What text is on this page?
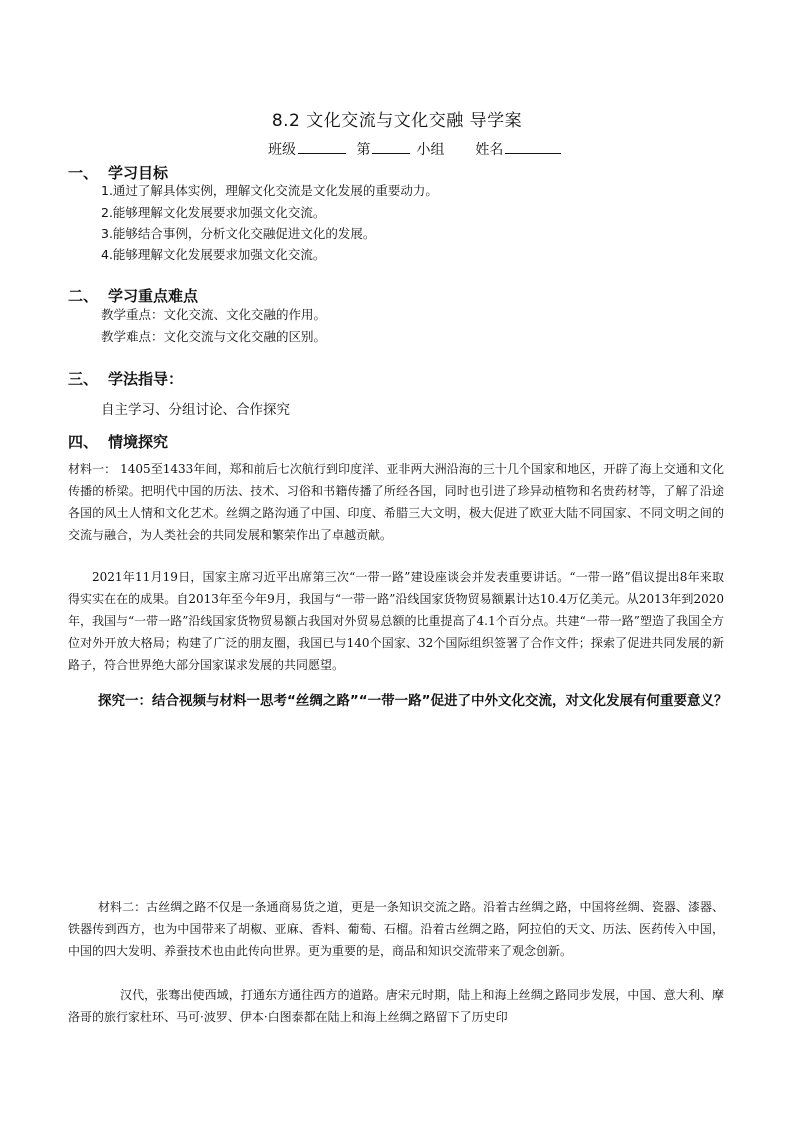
8.2 文化交流与文化交融 导学案
班级	第	小组 姓名
一、 学习目标
1.通过了解具体实例，理解文化交流是文化发展的重要动力。
2.能够理解文化发展要求加强文化交流。
3.能够结合事例，分析文化交融促进文化的发展。
4.能够理解文化发展要求加强文化交流。
二、 学习重点难点
教学重点：文化交流、文化交融的作用。
教学难点：文化交流与文化交融的区别。
三、 学法指导：
自主学习、分组讨论、合作探究
四、 情境探究

材料一： 1405至1433年间，郑和前后七次航行到印度洋、亚非两大洲沿海的三十几个国家和地区，开辟了海上交通和文化传播的桥梁。把明代中国的历法、技术、习俗和书籍传播了所经各国，同时也引进了珍异动植物和名贵药材等，了解了沿途各国的风土人情和文化艺术。丝绸之路沟通了中国、印度、希腊三大文明，极大促进了欧亚大陆不同国家、不同文明之间的交流与融合，为人类社会的共同发展和繁荣作出了卓越贡献。

2021年11月19日，国家主席习近平出席第三次“一带一路”建设座谈会并发表重要讲话。“一带一路”倡议提出8年来取得实实在在的成果。自2013年至今年9月，我国与“一带一路”沿线国家货物贸易额累计达10.4万亿美元。从2013年到2020年，我国与“一带一路”沿线国家货物贸易额占我国对外贸易总额的比重提高了4.1个百分点。共建“一带一路”塑造了我国全方位对外开放大格局；构建了广泛的朋友圈，我国已与140个国家、32个国际组织签署了合作文件；探索了促进共同发展的新路子，符合世界绝大部分国家谋求发展的共同愿望。

探究一：结合视频与材料一思考“丝绸之路”“一带一路”促进了中外文化交流，对文化发展有何重要意义？

材料二：古丝绸之路不仅是一条通商易货之道，更是一条知识交流之路。沿着古丝绸之路，中国将丝绸、瓷器、漆器、铁器传到西方，也为中国带来了胡椒、亚麻、香料、葡萄、石榴。沿着古丝绸之路，阿拉伯的天文、历法、医药传入中国，中国的四大发明、养蚕技术也由此传向世界。更为重要的是，商品和知识交流带来了观念创新。

汉代，张骞出使西域，打通东方通往西方的道路。唐宋元时期，陆上和海上丝绸之路同步发展，中国、意大利、摩洛哥的旅行家杜环、马可·波罗、伊本·白图泰都在陆上和海上丝绸之路留下了历史印
